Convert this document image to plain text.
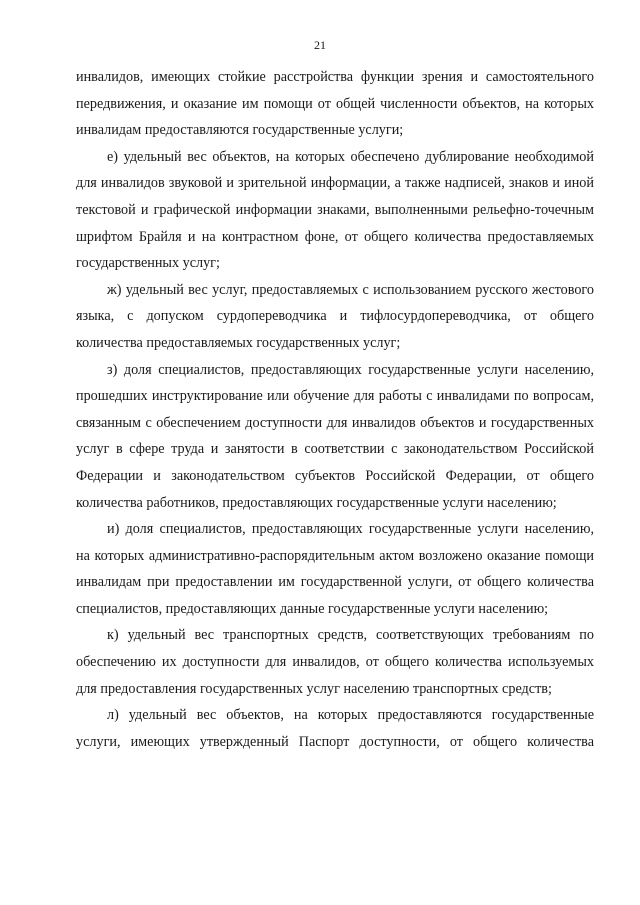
21

инвалидов, имеющих стойкие расстройства функции зрения и самостоятельного передвижения, и оказание им помощи от общей численности объектов, на которых инвалидам предоставляются государственные услуги;

е) удельный вес объектов, на которых обеспечено дублирование необходимой для инвалидов звуковой и зрительной информации, а также надписей, знаков и иной текстовой и графической информации знаками, выполненными рельефно-точечным шрифтом Брайля и на контрастном фоне, от общего количества предоставляемых государственных услуг;

ж) удельный вес услуг, предоставляемых с использованием русского жестового языка, с допуском сурдопереводчика и тифлосурдопереводчика, от общего количества предоставляемых государственных услуг;

з) доля специалистов, предоставляющих государственные услуги населению, прошедших инструктирование или обучение для работы с инвалидами по вопросам, связанным с обеспечением доступности для инвалидов объектов и государственных услуг в сфере труда и занятости в соответствии с законодательством Российской Федерации и законодательством субъектов Российской Федерации, от общего количества работников, предоставляющих государственные услуги населению;

и) доля специалистов, предоставляющих государственные услуги населению, на которых административно-распорядительным актом возложено оказание помощи инвалидам при предоставлении им государственной услуги, от общего количества специалистов, предоставляющих данные государственные услуги населению;

к) удельный вес транспортных средств, соответствующих требованиям по обеспечению их доступности для инвалидов, от общего количества используемых для предоставления государственных услуг населению транспортных средств;

л) удельный вес объектов, на которых предоставляются государственные услуги, имеющих утвержденный Паспорт доступности, от общего количества
